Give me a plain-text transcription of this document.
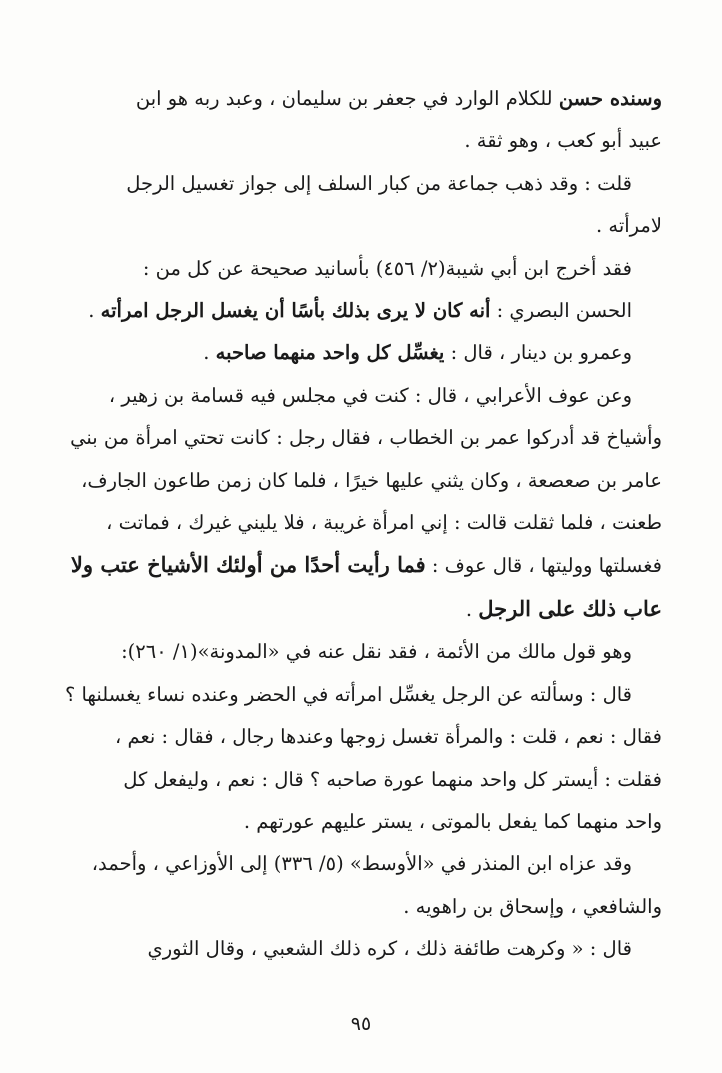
وسنده حسن للكلام الوارد في جعفر بن سليمان ، وعبد ربه هو ابن
عبيد أبو كعب ، وهو ثقة .
قلت : وقد ذهب جماعة من كبار السلف إلى جواز تغسيل الرجل
لامرأته .
فقد أخرج ابن أبي شيبة(٢/ ٤٥٦) بأسانيد صحيحة عن كل من :
الحسن البصري : أنه كان لا يرى بذلك بأسًا أن يغسل الرجل امرأته .
وعمرو بن دينار ، قال : يغسِّل كل واحد منهما صاحبه .
وعن عوف الأعرابي ، قال : كنت في مجلس فيه قسامة بن زهير ،
وأشياخ قد أدركوا عمر بن الخطاب ، فقال رجل : كانت تحتي امرأة من بني
عامر بن صعصعة ، وكان يثني عليها خيرًا ، فلما كان زمن طاعون الجارف،
طعنت ، فلما ثقلت قالت : إني امرأة غريبة ، فلا يليني غيرك ، فماتت ،
فغسلتها ووليتها ، قال عوف : فما رأيت أحدًا من أولئك الأشياخ عتب ولا
عاب ذلك على الرجل .
وهو قول مالك من الأئمة ، فقد نقل عنه في «المدونة»(١/ ٢٦٠):
قال : وسألته عن الرجل يغسِّل امرأته في الحضر وعنده نساء يغسلنها ؟
فقال : نعم ، قلت : والمرأة تغسل زوجها وعندها رجال ، فقال : نعم ،
فقلت : أيستر كل واحد منهما عورة صاحبه ؟ قال : نعم ، وليفعل كل
واحد منهما كما يفعل بالموتى ، يستر عليهم عورتهم .
وقد عزاه ابن المنذر في «الأوسط» (٥/ ٣٣٦) إلى الأوزاعي ، وأحمد،
والشافعي ، وإسحاق بن راهويه .
قال : « وكرهت طائفة ذلك ، كره ذلك الشعبي ، وقال الثوري
٩٥
